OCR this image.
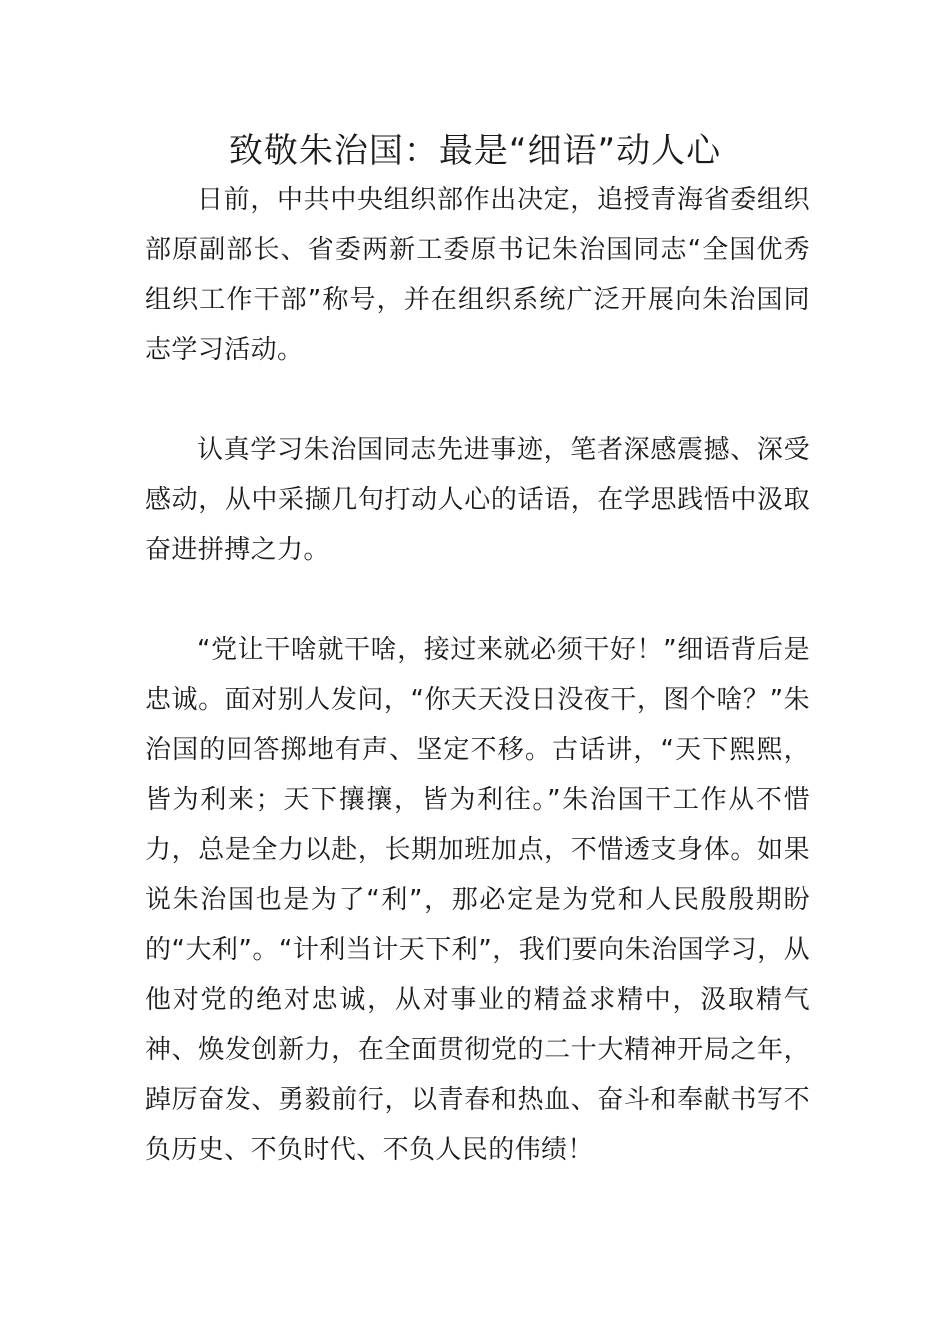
致敬朱治国：最是“细语”动人心

日前，中共中央组织部作出决定，追授青海省委组织部原副部长、省委两新工委原书记朱治国同志“全国优秀组织工作干部”称号，并在组织系统广泛开展向朱治国同志学习活动。

认真学习朱治国同志先进事迹，笔者深感震撼、深受感动，从中采撷几句打动人心的话语，在学思践悟中汲取奋进拼搏之力。

“党让干啥就干啥，接过来就必须干好！”细语背后是忠诚。面对别人发问，“你天天没日没夜干，图个啥？”朱治国的回答掷地有声、坚定不移。古话讲，“天下熙熙，皆为利来；天下攘攘，皆为利往。”朱治国干工作从不惜力，总是全力以赴，长期加班加点，不惜透支身体。如果说朱治国也是为了“利”，那必定是为党和人民殷殷期盼的“大利”。“计利当计天下利”，我们要向朱治国学习，从他对党的绝对忠诚，从对事业的精益求精中，汲取精气神、焕发创新力，在全面贯彻党的二十大精神开局之年，踔厉奋发、勇毅前行，以青春和热血、奋斗和奉献书写不负历史、不负时代、不负人民的伟绩！
